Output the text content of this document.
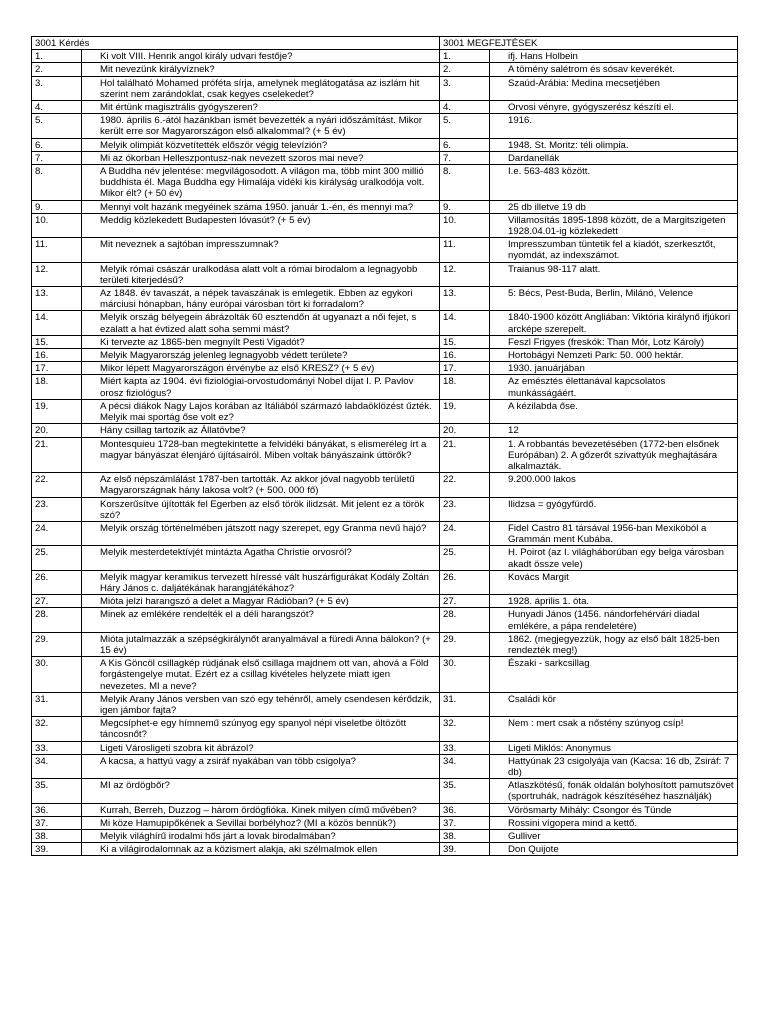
3001 Kérdés		3001 MEGFEJTÉSEK	
1.	Ki volt VIII. Henrik angol király udvari festője?	1.	ifj. Hans Holbein
2.	Mit nevezünk királyvíznek?	2.	A tömény salétrom és sósav keverékét.
3.	Hol található Mohamed próféta sírja, amelynek meglátogatása az iszlám hit szerint nem zarándoklat, csak kegyes cselekedet?	3.	Szaúd-Arábia: Medina mecsetjében
4.	Mit értünk magisztrális gyógyszeren?	4.	Orvosi vényre, gyógyszerész készíti el.
5.	1980. április 6.-ától hazánkban ismét bevezették a nyári időszámítást. Mikor került erre sor Magyarországon első alkalommal? (+ 5 év)	5.	1916.
6.	Melyik olimpiát közvetítették először végig televízión?	6.	1948. St. Moritz: téli olimpia.
7.	Mi az ókorban Helleszpontusz-nak nevezett szoros mai neve?	7.	Dardanellák
8.	A Buddha név jelentése: megvilágosodott. A világon ma, több mint 300 millió buddhista él. Maga Buddha egy Himalája vidéki kis királyság uralkodója volt. Mikor élt? (+ 50 év)	8.	I.e. 563-483 között.
9.	Mennyi volt hazánk megyéinek száma 1950. január 1.-én, és mennyi ma?	9.	25 db illetve 19 db
10.	Meddig közlekedett Budapesten lóvasút? (+ 5 év)	10.	Villamosítás 1895-1898 között, de a Margitszigeten 1928.04.01-ig közlekedett
11.	Mit neveznek a sajtóban impresszumnak?	11.	Impresszumban tüntetik fel a kiadót, szerkesztőt, nyomdát, az indexszámot.
12.	Melyik római császár uralkodása alatt volt a római birodalom a legnagyobb területi kiterjedésű?	12.	Traianus 98-117 alatt.
13.	Az 1848. év tavaszát, a népek tavaszának is emlegetik. Ebben az egykori márciusi hónapban, hány európai városban tört ki forradalom?	13.	5: Bécs, Pest-Buda, Berlin, Milánó, Velence
14.	Melyik ország bélyegein ábrázolták 60 esztendőn át ugyanazt a női fejet, s ezalatt a hat évtized alatt soha semmi mást?	14.	1840-1900 között Angliában: Viktória királynő ifjúkori arcképe szerepelt.
15.	Ki tervezte az 1865-ben megnyílt Pesti Vigadót?	15.	Feszl Frigyes (freskók: Than Mór, Lotz Károly)
16.	Melyik Magyarország jelenleg legnagyobb védett területe?	16.	Hortobágyi Nemzeti Park: 50. 000 hektár.
17.	Mikor lépett Magyarországon érvénybe az első KRESZ? (+ 5 év)	17.	1930. januárjában
18.	Miért kapta az 1904. évi fiziológiai-orvostudományi Nobel díjat I. P. Pavlov orosz fiziológus?	18.	Az emésztés élettanával kapcsolatos munkásságáért.
19.	A pécsi diákok Nagy Lajos korában az Itáliából származó labdaöklözést űzték. Melyik mai sportág őse volt ez?	19.	A kézilabda őse.
20.	Hány csillag tartozik az Állatövbe?	20.	12
21.	Montesquieu 1728-ban megtekintette a felvidéki bányákat, s elismeréleg írt a magyar bányászat élenjáró újításairól. Miben voltak bányászaink úttörők?	21.	1. A robbantás bevezetésében (1772-ben elsőnek Európában) 2. A gőzerőt szivattyúk meghajtására alkalmazták.
22.	Az első népszámlálást 1787-ben tartották. Az akkor jóval nagyobb területű Magyarországnak hány lakosa volt? (+ 500. 000 fő)	22.	9.200.000 lakos
23.	Korszerűsítve újították fel Egerben az első török ilidzsát. Mit jelent ez a török szó?	23.	Ilidzsa = gyógyfürdő.
24.	Melyik ország történelmében játszott nagy szerepet, egy Granma nevű hajó?	24.	Fidel Castro 81 társával 1956-ban Mexikóból a Grammán ment Kubába.
25.	Melyik mesterdetektívjét mintázta Agatha Christie orvosról?	25.	H. Poirot (az I. világháborúban egy belga városban akadt össze vele)
26.	Melyik magyar keramikus tervezett híressé vált huszárfigurákat Kodály Zoltán Háry János c. daljátékának harangjátékához?	26.	Kovács Margit
27.	Mióta jelzi harangszó a delet a Magyar Rádióban? (+ 5 év)	27.	1928. április 1. óta.
28.	Minek az emlékére rendelték el a déli harangszót?	28.	Hunyadi János (1456. nándorfehérvári diadal emlékére, a pápa rendeletére)
29.	Mióta jutalmazzák a szépségkirálynőt aranyalmával a füredi Anna bálokon? (+ 15 év)	29.	1862. (megjegyezzük, hogy az első bált 1825-ben rendezték meg!)
30.	A Kis Göncöl csillagkép rúdjának első csillaga majdnem ott van, ahová a Föld forgástengelye mutat. Ezért ez a csillag kivételes helyzete miatt igen nevezetes. MI a neve?	30.	Északi - sarkcsillag
31.	Melyik Arany János versben van szó egy tehénről, amely csendesen kérődzik, igen jámbor fajta?	31.	Családi kör
32.	Megcsíphet-e egy hímnemű szúnyog egy spanyol népi viseletbe öltözött táncosnőt?	32.	Nem : mert csak a nőstény szúnyog csíp!
33.	Ligeti Városligeti szobra kit ábrázol?	33.	Ligeti Miklós: Anonymus
34.	A kacsa, a hattyú vagy a zsiráf nyakában van több csigolya?	34.	Hattyúnak 23 csigolyája van (Kacsa: 16 db, Zsiráf: 7 db)
35.	MI az ördögbőr?	35.	Atlaszkötésű, fonák oldalán bolyhosított pamutszövet (sportruhák, nadrágok készítéséhez használják)
36.	Kurrah, Berreh, Duzzog – három ördögfióka. Kinek milyen című művében?	36.	Vörösmarty Mihály: Csongor és Tünde
37.	Mi köze Hamupipőkének a Sevillai borbélyhoz? (MI a közös bennük?)	37.	Rossini vígopera mind a kettő.
38.	Melyik világhírű irodalmi hős járt a lovak birodalmában?	38.	Gulliver
39.	Ki a világirodalomnak az a közismert alakja, aki szélmalmok ellen	39.	Don Quijote
